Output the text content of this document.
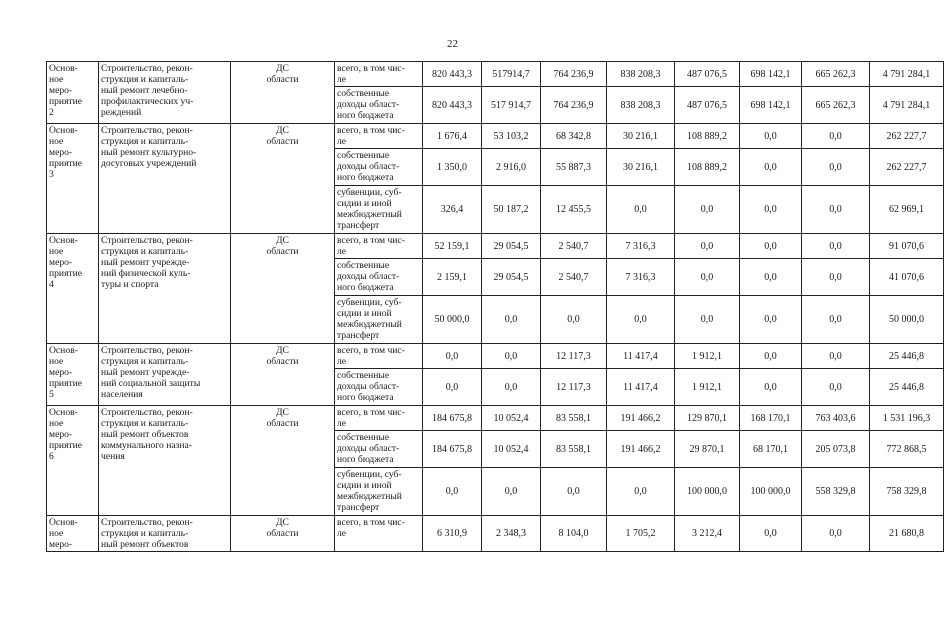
22
Основ-
ное
меро-
приятие
2	Строительство, рекон-
струкция и капиталь-
ный ремонт лечебно-
профилактических уч-
реждений	ДС
области	всего, в том чис-
ле	820 443,3	517914,7	764 236,9	838 208,3	487 076,5	698 142,1	665 262,3	4 791 284,1
			собственные
доходы област-
ного бюджета	820 443,3	517 914,7	764 236,9	838 208,3	487 076,5	698 142,1	665 262,3	4 791 284,1
Основ-
ное
меро-
приятие
3	Строительство, рекон-
струкция и капиталь-
ный ремонт культурно-
досуговых учреждений	ДС
области	всего, в том чис-
ле	1 676,4	53 103,2	68 342,8	30 216,1	108 889,2	0,0	0,0	262 227,7
			собственные
доходы област-
ного бюджета	1 350,0	2 916,0	55 887,3	30 216,1	108 889,2	0,0	0,0	262 227,7
			субвенции, суб-
сидии и иной
межбюджетный
трансферт	326,4	50 187,2	12 455,5	0,0	0,0	0,0	0,0	62 969,1
Основ-
ное
меро-
приятие
4	Строительство, рекон-
струкция и капиталь-
ный ремонт учрежде-
ний физической куль-
туры и спорта	ДС
области	всего, в том чис-
ле	52 159,1	29 054,5	2 540,7	7 316,3	0,0	0,0	0,0	91 070,6
			собственные
доходы област-
ного бюджета	2 159,1	29 054,5	2 540,7	7 316,3	0,0	0,0	0,0	41 070,6
			субвенции, суб-
сидии и иной
межбюджетный
трансферт	50 000,0	0,0	0,0	0,0	0,0	0,0	0,0	50 000,0
Основ-
ное
меро-
приятие
5	Строительство, рекон-
струкция и капиталь-
ный ремонт учрежде-
ний социальной защиты
населения	ДС
области	всего, в том чис-
ле	0,0	0,0	12 117,3	11 417,4	1 912,1	0,0	0,0	25 446,8
			собственные
доходы област-
ного бюджета	0,0	0,0	12 117,3	11 417,4	1 912,1	0,0	0,0	25 446,8
Основ-
ное
меро-
приятие
6	Строительство, рекон-
струкция и капиталь-
ный ремонт объектов
коммунального назна-
чения	ДС
области	всего, в том чис-
ле	184 675,8	10 052,4	83 558,1	191 466,2	129 870,1	168 170,1	763 403,6	1 531 196,3
			собственные
доходы област-
ного бюджета	184 675,8	10 052,4	83 558,1	191 466,2	29 870,1	68 170,1	205 073,8	772 868,5
			субвенции, суб-
сидии и иной
межбюджетный
трансферт	0,0	0,0	0,0	0,0	100 000,0	100 000,0	558 329,8	758 329,8
Основ-
ное
меро-	Строительство, рекон-
струкция и капиталь-
ный ремонт объектов	ДС
области	всего, в том чис-
ле	6 310,9	2 348,3	8 104,0	1 705,2	3 212,4	0,0	0,0	21 680,8
